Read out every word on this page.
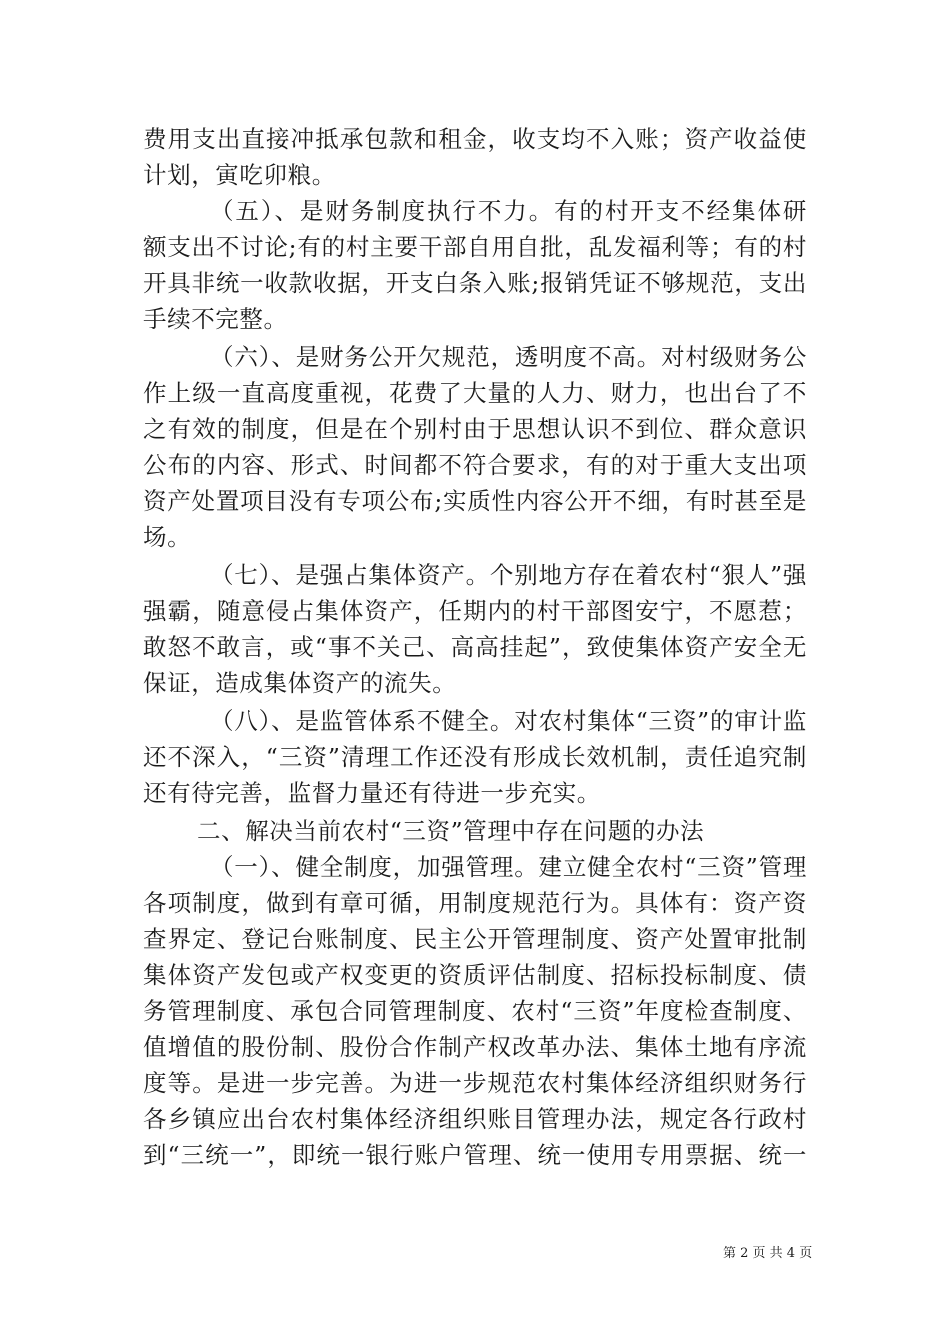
费用支出直接冲抵承包款和租金，收支均不入账；资产收益使
计划，寅吃卯粮。
（五）、是财务制度执行不力。有的村开支不经集体研
额支出不讨论;有的村主要干部自用自批，乱发福利等；有的村
开具非统一收款收据，开支白条入账;报销凭证不够规范，支出
手续不完整。
（六）、是财务公开欠规范，透明度不高。对村级财务公
作上级一直高度重视，花费了大量的人力、财力，也出台了不
之有效的制度，但是在个别村由于思想认识不到位、群众意识
公布的内容、形式、时间都不符合要求，有的对于重大支出项
资产处置项目没有专项公布;实质性内容公开不细，有时甚至是
场。
（七）、是强占集体资产。个别地方存在着农村“狠人”强
强霸，随意侵占集体资产，任期内的村干部图安宁，不愿惹；
敢怒不敢言，或“事不关己、高高挂起”，致使集体资产安全无
保证，造成集体资产的流失。
（八）、是监管体系不健全。对农村集体“三资”的审计监
还不深入，“三资”清理工作还没有形成长效机制，责任追究制
还有待完善，监督力量还有待进一步充实。
二、解决当前农村“三资”管理中存在问题的办法
（一）、健全制度，加强管理。建立健全农村“三资”管理
各项制度，做到有章可循，用制度规范行为。具体有：资产资
查界定、登记台账制度、民主公开管理制度、资产处置审批制
集体资产发包或产权变更的资质评估制度、招标投标制度、债
务管理制度、承包合同管理制度、农村“三资”年度检查制度、
值增值的股份制、股份合作制产权改革办法、集体土地有序流
度等。是进一步完善。为进一步规范农村集体经济组织财务行
各乡镇应出台农村集体经济组织账目管理办法，规定各行政村
到“三统一”，即统一银行账户管理、统一使用专用票据、统一
第 2 页 共 4 页
